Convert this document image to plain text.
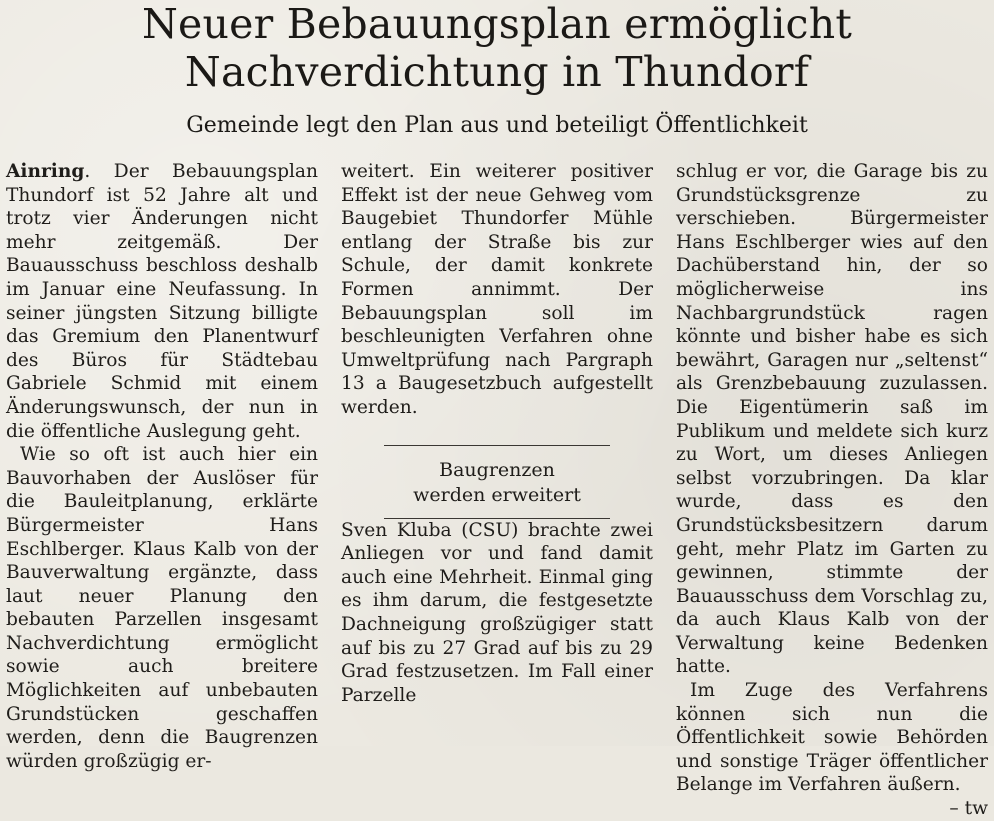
Neuer Bebauungsplan ermöglicht
Nachverdichtung in Thundorf
Gemeinde legt den Plan aus und beteiligt Öffentlichkeit

Ainring. Der Bebauungsplan Thundorf ist 52 Jahre alt und trotz vier Änderungen nicht mehr zeitgemäß. Der Bauausschuss beschloss deshalb im Januar eine Neufassung. In seiner jüngsten Sitzung billigte das Gremium den Planentwurf des Büros für Städtebau Gabriele Schmid mit einem Änderungswunsch, der nun in die öffentliche Auslegung geht.

Wie so oft ist auch hier ein Bauvorhaben der Auslöser für die Bauleitplanung, erklärte Bürgermeister Hans Eschlberger. Klaus Kalb von der Bauverwaltung ergänzte, dass laut neuer Planung den bebauten Parzellen insgesamt Nachverdichtung ermöglicht sowie auch breitere Möglichkeiten auf unbebauten Grundstücken geschaffen werden, denn die Baugrenzen würden großzügig er-

weitert. Ein weiterer positiver Effekt ist der neue Gehweg vom Baugebiet Thundorfer Mühle entlang der Straße bis zur Schule, der damit konkrete Formen annimmt. Der Bebauungsplan soll im beschleunigten Verfahren ohne Umweltprüfung nach Pargraph 13 a Baugesetzbuch aufgestellt werden.

Baugrenzen
werden erweitert

Sven Kluba (CSU) brachte zwei Anliegen vor und fand damit auch eine Mehrheit. Einmal ging es ihm darum, die festgesetzte Dachneigung großzügiger statt auf bis zu 27 Grad auf bis zu 29 Grad festzusetzen. Im Fall einer Parzelle

schlug er vor, die Garage bis zu Grundstücksgrenze zu verschieben. Bürgermeister Hans Eschlberger wies auf den Dachüberstand hin, der so möglicherweise ins Nachbargrundstück ragen könnte und bisher habe es sich bewährt, Garagen nur „seltenst“ als Grenzbebauung zuzulassen. Die Eigentümerin saß im Publikum und meldete sich kurz zu Wort, um dieses Anliegen selbst vorzubringen. Da klar wurde, dass es den Grundstücksbesitzern darum geht, mehr Platz im Garten zu gewinnen, stimmte der Bauausschuss dem Vorschlag zu, da auch Klaus Kalb von der Verwaltung keine Bedenken hatte.

Im Zuge des Verfahrens können sich nun die Öffentlichkeit sowie Behörden und sonstige Träger öffentlicher Belange im Verfahren äußern.
– tw
